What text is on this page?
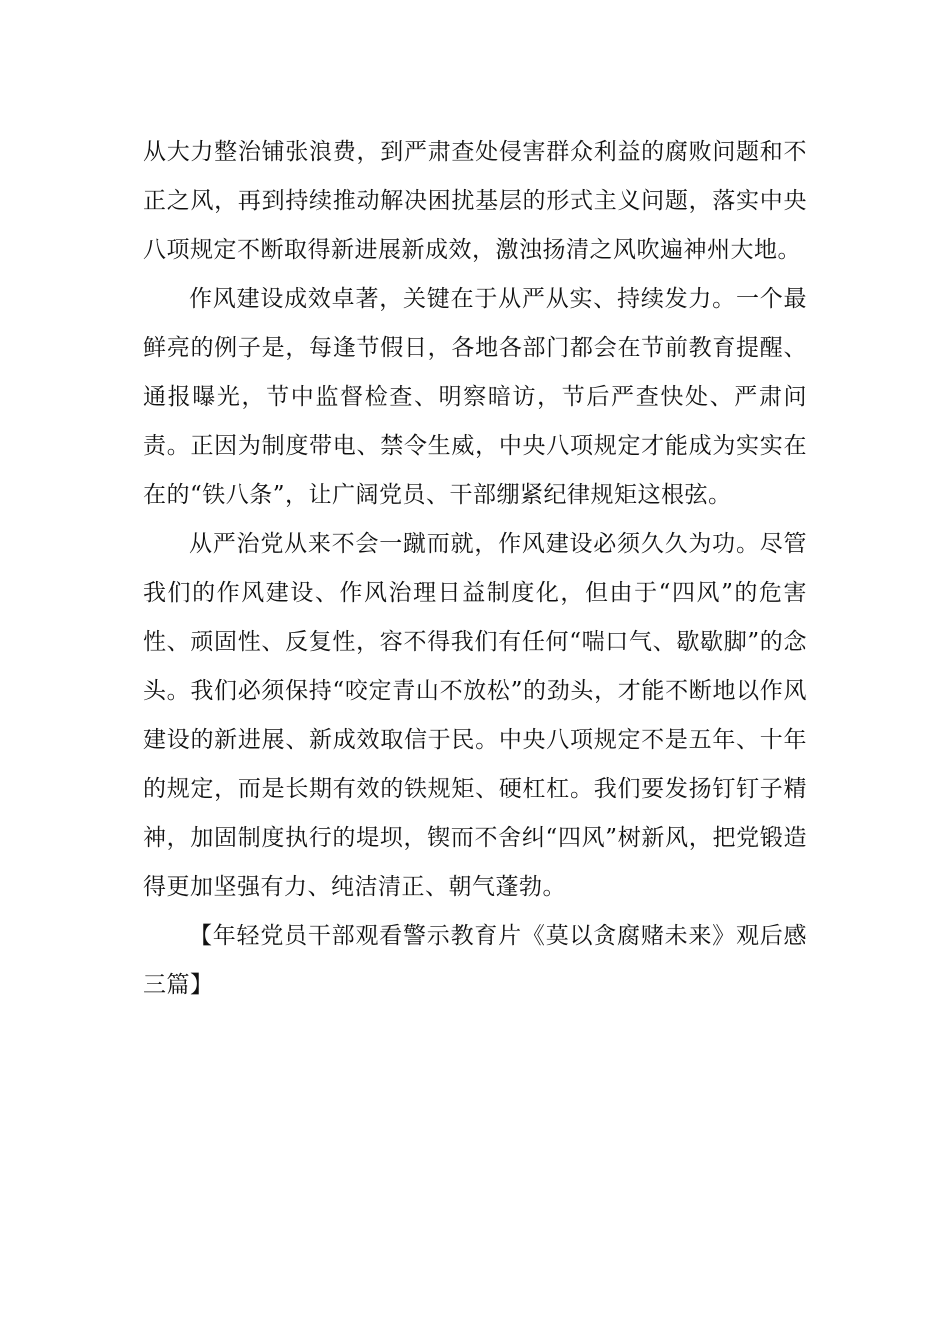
从大力整治铺张浪费，到严肃查处侵害群众利益的腐败问题和不正之风，再到持续推动解决困扰基层的形式主义问题，落实中央八项规定不断取得新进展新成效，激浊扬清之风吹遍神州大地。

作风建设成效卓著，关键在于从严从实、持续发力。一个最鲜亮的例子是，每逢节假日，各地各部门都会在节前教育提醒、通报曝光，节中监督检查、明察暗访，节后严查快处、严肃问责。正因为制度带电、禁令生威，中央八项规定才能成为实实在在的“铁八条”，让广阔党员、干部绷紧纪律规矩这根弦。

从严治党从来不会一蹴而就，作风建设必须久久为功。尽管我们的作风建设、作风治理日益制度化，但由于“四风”的危害性、顽固性、反复性，容不得我们有任何“喘口气、歇歇脚”的念头。我们必须保持“咬定青山不放松”的劲头，才能不断地以作风建设的新进展、新成效取信于民。中央八项规定不是五年、十年的规定，而是长期有效的铁规矩、硬杠杠。我们要发扬钉钉子精神，加固制度执行的堤坝，锲而不舍纠“四风”树新风，把党锻造得更加坚强有力、纯洁清正、朝气蓬勃。

【年轻党员干部观看警示教育片《莫以贪腐赌未来》观后感三篇】
